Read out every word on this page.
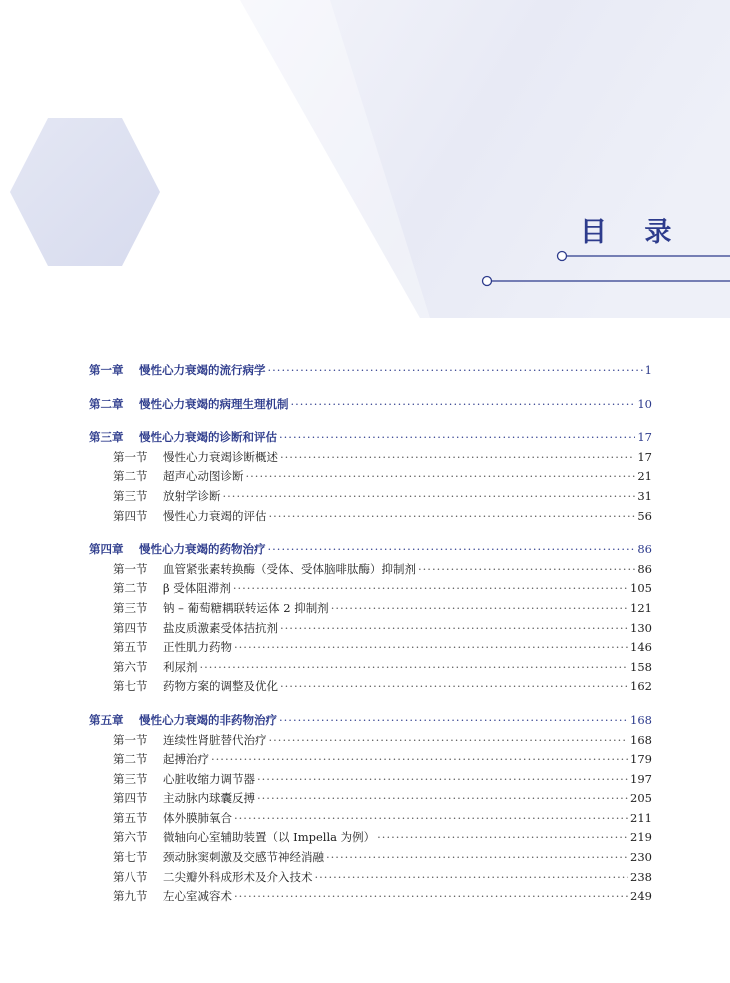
目 录
第一章	慢性心力衰竭的流行病学 ·····	1
第二章	慢性心力衰竭的病理生理机制 ·····	10
第三章	慢性心力衰竭的诊断和评估 ·····	17
第一节	慢性心力衰竭诊断概述 ·····	17
第二节	超声心动图诊断 ·····	21
第三节	放射学诊断 ·····	31
第四节	慢性心力衰竭的评估 ·····	56
第四章	慢性心力衰竭的药物治疗 ·····	86
第一节	血管紧张素转换酶（受体、受体脑啡肽酶）抑制剂 ·····	86
第二节	β 受体阻滞剂 ·····	105
第三节	钠 – 葡萄糖耦联转运体 2 抑制剂 ·····	121
第四节	盐皮质激素受体拮抗剂 ·····	130
第五节	正性肌力药物 ·····	146
第六节	利尿剂 ·····	158
第七节	药物方案的调整及优化 ·····	162
第五章	慢性心力衰竭的非药物治疗 ·····	168
第一节	连续性肾脏替代治疗 ·····	168
第二节	起搏治疗 ·····	179
第三节	心脏收缩力调节器 ·····	197
第四节	主动脉内球囊反搏 ·····	205
第五节	体外膜肺氧合 ·····	211
第六节	微轴向心室辅助装置（以 Impella 为例） ·····	219
第七节	颈动脉窦刺激及交感节神经消融 ·····	230
第八节	二尖瓣外科成形术及介入技术 ·····	238
第九节	左心室减容术 ·····	249
